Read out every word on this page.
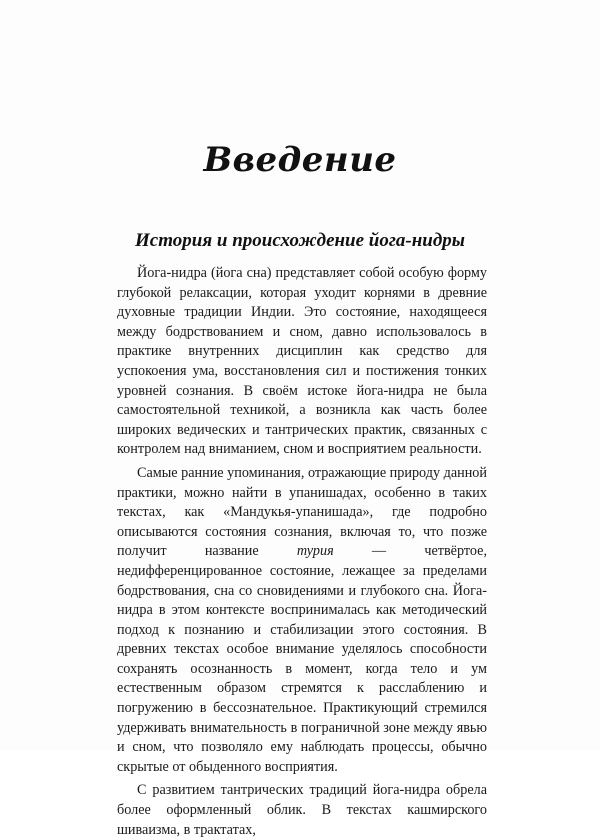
Введение
История и происхождение йога-нидры

Йога-нидра (йога сна) представляет собой особую форму глубокой релаксации, которая уходит корнями в древние духовные традиции Индии. Это состояние, находящееся между бодрствованием и сном, давно использовалось в практике внутренних дисциплин как средство для успокоения ума, восстановления сил и постижения тонких уровней сознания. В своём истоке йога-нидра не была самостоятельной техникой, а возникла как часть более широких ведических и тантрических практик, связанных с контролем над вниманием, сном и восприятием реальности.

Самые ранние упоминания, отражающие природу данной практики, можно найти в упанишадах, особенно в таких текстах, как «Мандукья-упанишада», где подробно описываются состояния сознания, включая то, что позже получит название турия — четвёртое, недифференцированное состояние, лежащее за пределами бодрствования, сна со сновидениями и глубокого сна. Йога-нидра в этом контексте воспринималась как методический подход к познанию и стабилизации этого состояния. В древних текстах особое внимание уделялось способности сохранять осознанность в момент, когда тело и ум естественным образом стремятся к расслаблению и погружению в бессознательное. Практикующий стремился удерживать внимательность в пограничной зоне между явью и сном, что позволяло ему наблюдать процессы, обычно скрытые от обыденного восприятия.

С развитием тантрических традиций йога-нидра обрела более оформленный облик. В текстах кашмирского шиваизма, в трактатах,
